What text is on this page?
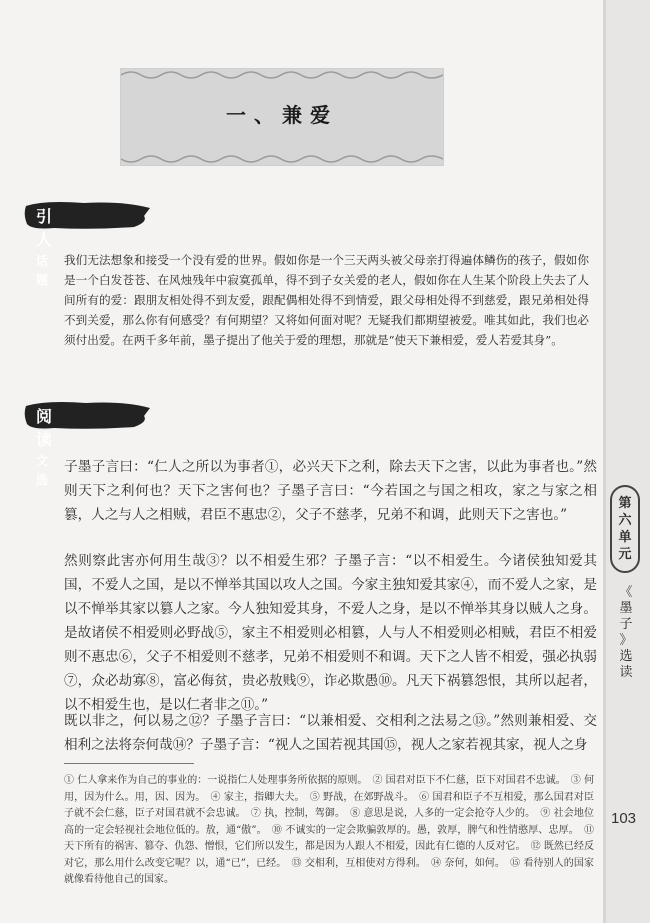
第
六
单
元
《
墨
子
》
选
读
103
一、兼爱
引人话题

我们无法想象和接受一个没有爱的世界。假如你是一个三天两头被父母亲打得遍体鳞伤的孩子，假如你是一个白发苍苍、在风烛残年中寂寞孤单，得不到子女关爱的老人，假如你在人生某个阶段上失去了人间所有的爱：跟朋友相处得不到友爱，跟配偶相处得不到情爱，跟父母相处得不到慈爱，跟兄弟相处得不到关爱，那么你有何感受？有何期望？又将如何面对呢？无疑我们都期望被爱。唯其如此，我们也必须付出爱。在两千多年前，墨子提出了他关于爱的理想，那就是“使天下兼相爱，爱人若爱其身”。

阅读文选

子墨子言曰：“仁人之所以为事者①，必兴天下之利，除去天下之害，以此为事者也。”然则天下之利何也？天下之害何也？子墨子言曰：“今若国之与国之相攻，家之与家之相篡，人之与人之相贼，君臣不惠忠②，父子不慈孝，兄弟不和调，此则天下之害也。”

然则察此害亦何用生哉③？以不相爱生邪？子墨子言：“以不相爱生。今诸侯独知爱其国，不爱人之国，是以不惮举其国以攻人之国。今家主独知爱其家④，而不爱人之家，是以不惮举其家以篡人之家。今人独知爱其身，不爱人之身，是以不惮举其身以贼人之身。是故诸侯不相爱则必野战⑤，家主不相爱则必相篡，人与人不相爱则必相贼，君臣不相爱则不惠忠⑥，父子不相爱则不慈孝，兄弟不相爱则不和调。天下之人皆不相爱，强必执弱⑦，众必劫寡⑧，富必侮贫，贵必敖贱⑨，诈必欺愚⑩。凡天下祸篡怨恨，其所以起者，以不相爱生也，是以仁者非之⑪。”

既以非之，何以易之⑫？子墨子言曰：“以兼相爱、交相利之法易之⑬。”然则兼相爱、交相利之法将奈何哉⑭？子墨子言：“视人之国若视其国⑮，视人之家若视其家，视人之身

① 仁人拿来作为自己的事业的：一说指仁人处理事务所依据的原则。　② 国君对臣下不仁慈，臣下对国君不忠诚。　③ 何用，因为什么。用，因、因为。　④ 家主，指卿大夫。　⑤ 野战，在郊野战斗。　⑥ 国君和臣子不互相爱，那么国君对臣子就不会仁慈，臣子对国君就不会忠诚。　⑦ 执，控制，驾御。　⑧ 意思是说，人多的一定会抢夺人少的。　⑨ 社会地位高的一定会轻视社会地位低的。敖，通“傲”。　⑩ 不诚实的一定会欺骗敦厚的。愚，敦厚，脾气和性情憨厚、忠厚。　⑪ 天下所有的祸害、篡夺、仇怨、憎恨，它们所以发生，都是因为人跟人不相爱，因此有仁德的人反对它。　⑫ 既然已经反对它，那么用什么改变它呢？以，通“已”，已经。　⑬ 交相利，互相使对方得利。　⑭ 奈何，如何。　⑮ 看待别人的国家就像看待他自己的国家。
